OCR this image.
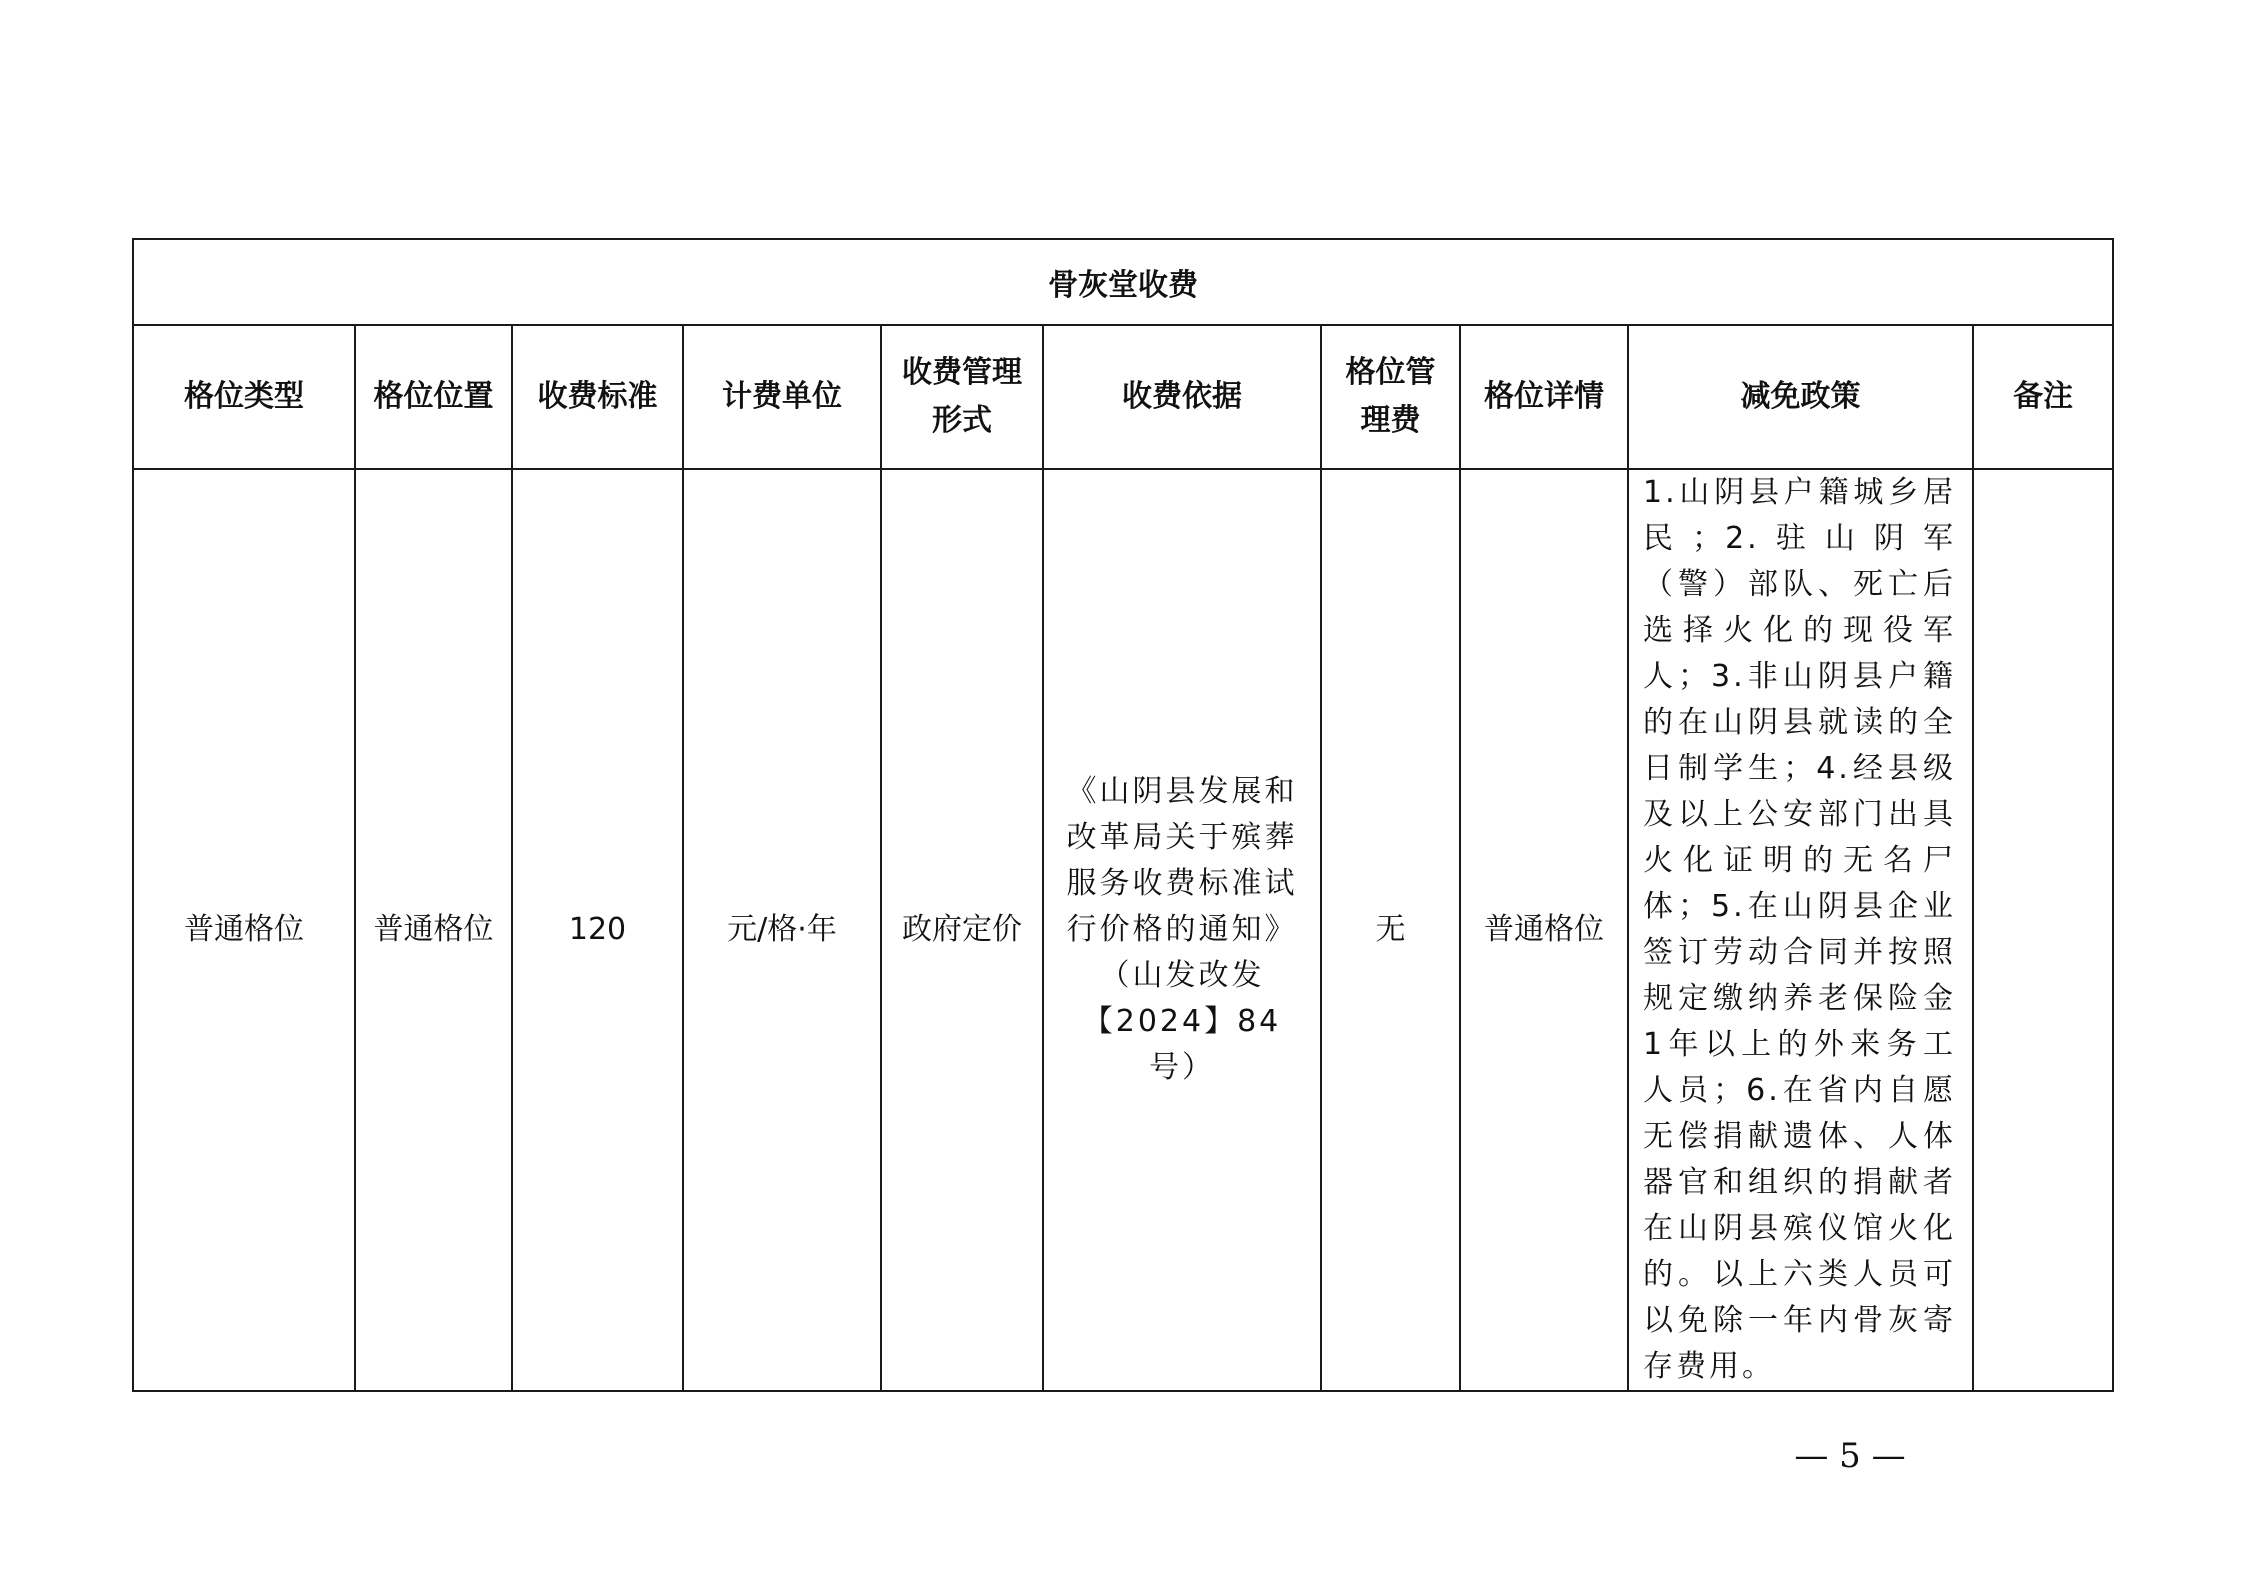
骨灰堂收费									
格位类型	格位位置	收费标准	计费单位	收费管理形式	收费依据	格位管理费	格位详情	减免政策	备注
普通格位	普通格位	120	元/格·年	政府定价	《山阴县发展和改革局关于殡葬服务收费标准试行价格的通知》（山发改发【2024】84号）	无	普通格位	1.山阴县户籍城乡居民；2.驻山阴军（警）部队、死亡后选择火化的现役军人；3.非山阴县户籍的在山阴县就读的全日制学生；4.经县级及以上公安部门出具火化证明的无名尸体；5.在山阴县企业签订劳动合同并按照规定缴纳养老保险金1年以上的外来务工人员；6.在省内自愿无偿捐献遗体、人体器官和组织的捐献者在山阴县殡仪馆火化的。以上六类人员可以免除一年内骨灰寄存费用。	

— 5 —
